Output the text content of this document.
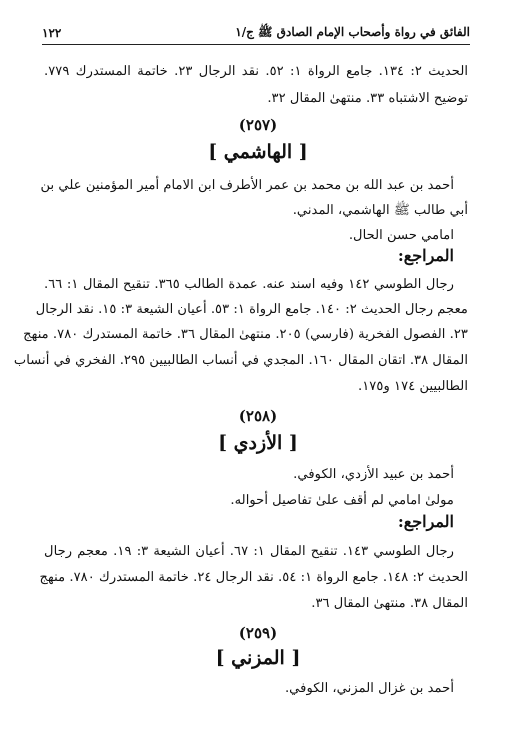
الفائق في رواة وأصحاب الإمام الصادق ﷺ ج/١
١٢٢
الحديث ٢: ١٣٤. جامع الرواة ١: ٥٢. نقد الرجال ٢٣. خاتمة المستدرك ٧٧٩.
توضيح الاشتباه ٣٣. منتهىٰ المقال ٣٢.
(٢٥٧)
[ الهاشمي ]
أحمد بن عبد الله بن محمد بن عمر الأطرف ابن الامام أمير المؤمنين علي بن
أبي طالب ﷺ الهاشمي، المدني.
امامي حسن الحال.
المراجع:
رجال الطوسي ١٤٢ وفيه اسند عنه. عمدة الطالب ٣٦٥. تنقيح المقال ١: ٦٦.
معجم رجال الحديث ٢: ١٤٠. جامع الرواة ١: ٥٣. أعيان الشيعة ٣: ١٥. نقد الرجال
٢٣. الفصول الفخرية (فارسي) ٢٠٥. منتهىٰ المقال ٣٦. خاتمة المستدرك ٧٨٠. منهج
المقال ٣٨. اتقان المقال ١٦٠. المجدي في أنساب الطالبيين ٢٩٥. الفخري في أنساب
الطالبيين ١٧٤ و١٧٥.
(٢٥٨)
[ الأزدي ]
أحمد بن عبيد الأزدي، الكوفي.
مولىٰ امامي لم أقف علىٰ تفاصيل أحواله.
المراجع:
رجال الطوسي ١٤٣. تنقيح المقال ١: ٦٧. أعيان الشيعة ٣: ١٩. معجم رجال
الحديث ٢: ١٤٨. جامع الرواة ١: ٥٤. نقد الرجال ٢٤. خاتمة المستدرك ٧٨٠. منهج
المقال ٣٨. منتهىٰ المقال ٣٦.
(٢٥٩)
[ المزني ]
أحمد بن غزال المزني، الكوفي.
